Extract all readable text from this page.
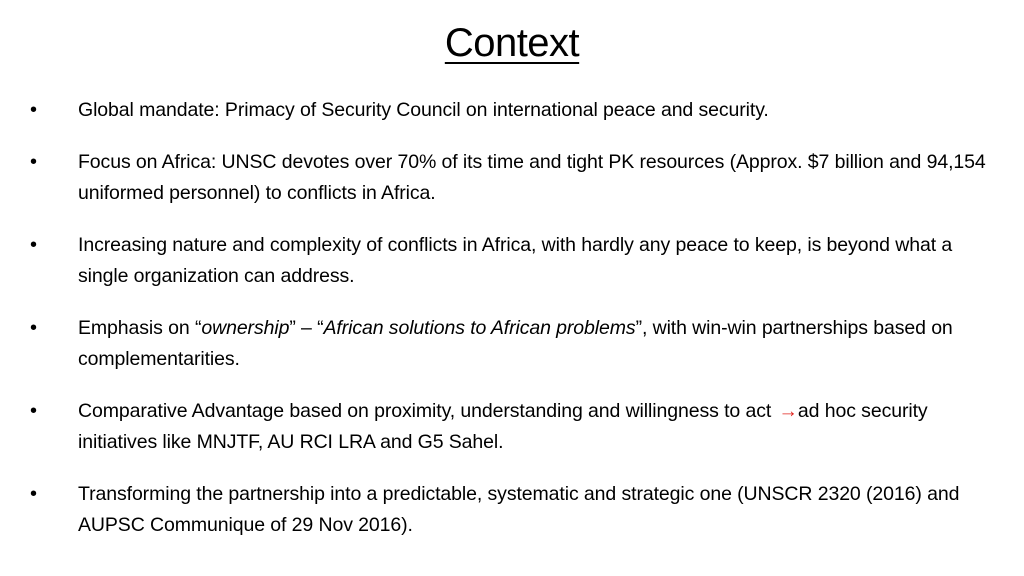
Context
• Global mandate: Primacy of Security Council on international peace and security.
• Focus on Africa: UNSC devotes over 70% of its time and tight PK resources (Approx. $7 billion and 94,154 uniformed personnel) to conflicts in Africa.
• Increasing nature and complexity of conflicts in Africa, with hardly any peace to keep, is beyond what a single organization can address.
• Emphasis on “ownership” – “African solutions to African problems”, with win-win partnerships based on complementarities.
• Comparative Advantage based on proximity, understanding and willingness to act →ad hoc security initiatives like MNJTF, AU RCI LRA and G5 Sahel.
• Transforming the partnership into a predictable, systematic and strategic one (UNSCR 2320 (2016) and AUPSC Communique of 29 Nov 2016).
